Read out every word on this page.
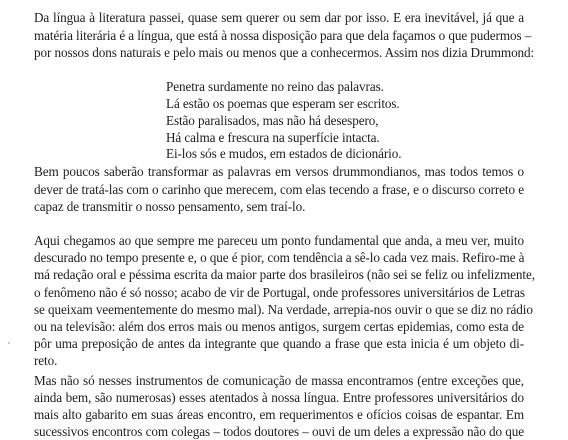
Da língua à literatura passei, quase sem querer ou sem dar por isso. E era inevitável, já que a
matéria literária é a língua, que está à nossa disposição para que dela façamos o que pudermos –
por nossos dons naturais e pelo mais ou menos que a conhecermos. Assim nos dizia Drummond:
Penetra surdamente no reino das palavras.
Lá estão os poemas que esperam ser escritos.
Estão paralisados, mas não há desespero,
Há calma e frescura na superfície intacta.
Ei-los sós e mudos, em estados de dicionário.
Bem poucos saberão transformar as palavras em versos drummondianos, mas todos temos o
dever de tratá-las com o carinho que merecem, com elas tecendo a frase, e o discurso correto e
capaz de transmitir o nosso pensamento, sem traí-lo.
Aqui chegamos ao que sempre me pareceu um ponto fundamental que anda, a meu ver, muito
descurado no tempo presente e, o que é pior, com tendência a sê-lo cada vez mais. Refiro-me à
má redação oral e péssima escrita da maior parte dos brasileiros (não sei se feliz ou infelizmente,
o fenômeno não é só nosso; acabo de vir de Portugal, onde professores universitários de Letras
se queixam veementemente do mesmo mal). Na verdade, arrepia-nos ouvir o que se diz no rádio
ou na televisão: além dos erros mais ou menos antigos, surgem certas epidemias, como esta de
pôr uma preposição de antes da integrante que quando a frase que esta inicia é um objeto di-
reto.
Mas não só nesses instrumentos de comunicação de massa encontramos (entre exceções que,
ainda bem, são numerosas) esses atentados à nossa língua. Entre professores universitários do
mais alto gabarito em suas áreas encontro, em requerimentos e ofícios coisas de espantar. Em
sucessivos encontros com colegas – todos doutores – ouvi de um deles a expressão não do que
